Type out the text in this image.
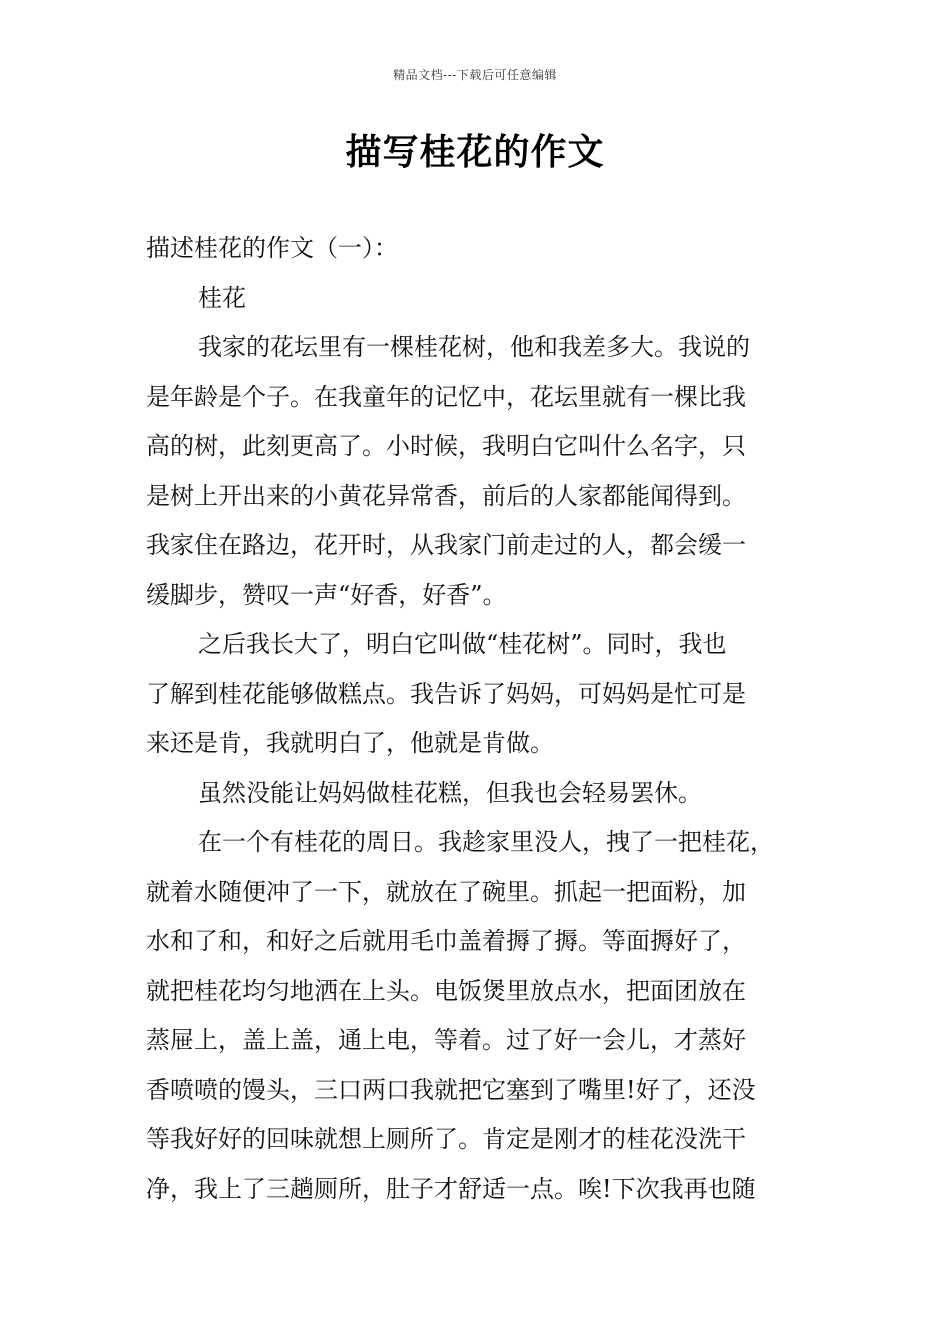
精品文档---下载后可任意编辑
描写桂花的作文

描述桂花的作文（一）：

桂花

我家的花坛里有一棵桂花树，他和我差多大。我说的
是年龄是个子。在我童年的记忆中，花坛里就有一棵比我
高的树，此刻更高了。小时候，我明白它叫什么名字，只
是树上开出来的小黄花异常香，前后的人家都能闻得到。
我家住在路边，花开时，从我家门前走过的人，都会缓一
缓脚步，赞叹一声“好香，好香”。

之后我长大了，明白它叫做“桂花树”。同时，我也
了解到桂花能够做糕点。我告诉了妈妈，可妈妈是忙可是
来还是肯，我就明白了，他就是肯做。

虽然没能让妈妈做桂花糕，但我也会轻易罢休。

在一个有桂花的周日。我趁家里没人，拽了一把桂花，
就着水随便冲了一下，就放在了碗里。抓起一把面粉，加
水和了和，和好之后就用毛巾盖着搙了搙。等面搙好了，
就把桂花均匀地洒在上头。电饭煲里放点水，把面团放在
蒸屉上，盖上盖，通上电，等着。过了好一会儿，才蒸好
香喷喷的馒头，三口两口我就把它塞到了嘴里!好了，还没
等我好好的回味就想上厕所了。肯定是刚才的桂花没洗干
净，我上了三趟厕所，肚子才舒适一点。唉!下次我再也随
